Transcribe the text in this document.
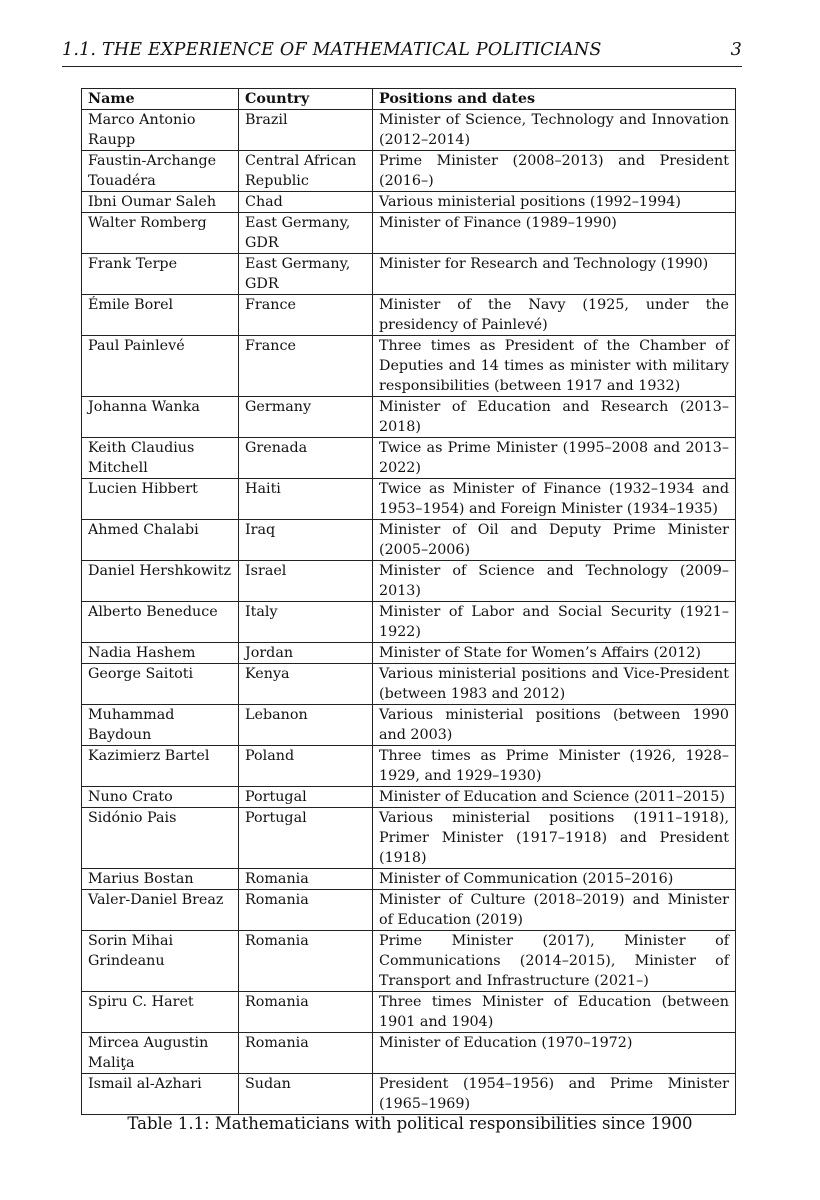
1.1. THE EXPERIENCE OF MATHEMATICAL POLITICIANS	3
Name	Country	Positions and dates
Marco Antonio Raupp	Brazil	Minister of Science, Technology and Innovation (2012–2014)
Faustin-Archange Touadéra	Central African Republic	Prime Minister (2008–2013) and President (2016–)
Ibni Oumar Saleh	Chad	Various ministerial positions (1992–1994)
Walter Romberg	East Germany, GDR	Minister of Finance (1989–1990)
Frank Terpe	East Germany, GDR	Minister for Research and Technology (1990)
Émile Borel	France	Minister of the Navy (1925, under the presidency of Painlevé)
Paul Painlevé	France	Three times as President of the Chamber of Deputies and 14 times as minister with military responsibilities (between 1917 and 1932)
Johanna Wanka	Germany	Minister of Education and Research (2013–2018)
Keith Claudius Mitchell	Grenada	Twice as Prime Minister (1995–2008 and 2013–2022)
Lucien Hibbert	Haiti	Twice as Minister of Finance (1932–1934 and 1953–1954) and Foreign Minister (1934–1935)
Ahmed Chalabi	Iraq	Minister of Oil and Deputy Prime Minister (2005–2006)
Daniel Hershkowitz	Israel	Minister of Science and Technology (2009–2013)
Alberto Beneduce	Italy	Minister of Labor and Social Security (1921–1922)
Nadia Hashem	Jordan	Minister of State for Women’s Affairs (2012)
George Saitoti	Kenya	Various ministerial positions and Vice-President (between 1983 and 2012)
Muhammad Baydoun	Lebanon	Various ministerial positions (between 1990 and 2003)
Kazimierz Bartel	Poland	Three times as Prime Minister (1926, 1928–1929, and 1929–1930)
Nuno Crato	Portugal	Minister of Education and Science (2011–2015)
Sidónio Pais	Portugal	Various ministerial positions (1911–1918), Primer Minister (1917–1918) and President (1918)
Marius Bostan	Romania	Minister of Communication (2015–2016)
Valer-Daniel Breaz	Romania	Minister of Culture (2018–2019) and Minister of Education (2019)
Sorin Mihai Grindeanu	Romania	Prime Minister (2017), Minister of Communications (2014–2015), Minister of Transport and Infrastructure (2021–)
Spiru C. Haret	Romania	Three times Minister of Education (between 1901 and 1904)
Mircea Augustin Maliţa	Romania	Minister of Education (1970–1972)
Ismail al-Azhari	Sudan	President (1954–1956) and Prime Minister (1965–1969)
Table 1.1: Mathematicians with political responsibilities since 1900
